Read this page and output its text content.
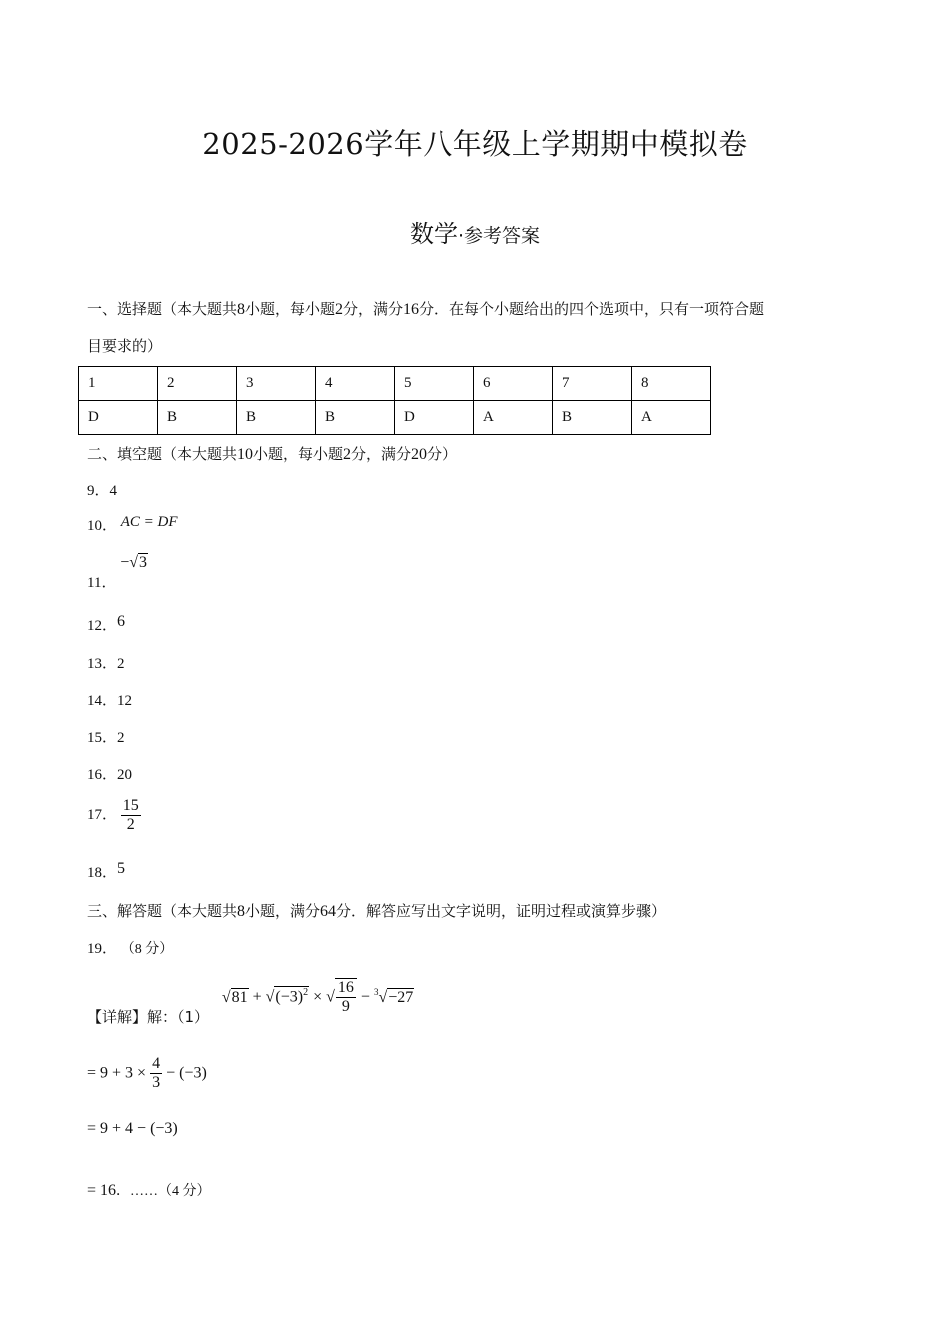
2025-2026学年八年级上学期期中模拟卷
数学·参考答案
一、选择题（本大题共8小题，每小题2分，满分16分．在每个小题给出的四个选项中，只有一项符合题
目要求的）
1	2	3	4	5	6	7	8
D	B	B	B	D	A	B	A
二、填空题（本大题共10小题，每小题2分，满分20分）
9．4
10． AC = DF
11． −√3
12．6
13．2
14．12
15．2
16．20
17． $\frac{15}{2}$
18．5
三、解答题（本大题共8小题，满分64分．解答应写出文字说明，证明过程或演算步骤）
19． （8 分）
【详解】解：（1） $√81 + √(-3)^2$ × √ $\frac{16}{9} - ^3√-27$
= $9 + 3 \times \frac{4}{3} - (-3)$
= 9 + 4 − (−3)
= 16．……（4 分）
